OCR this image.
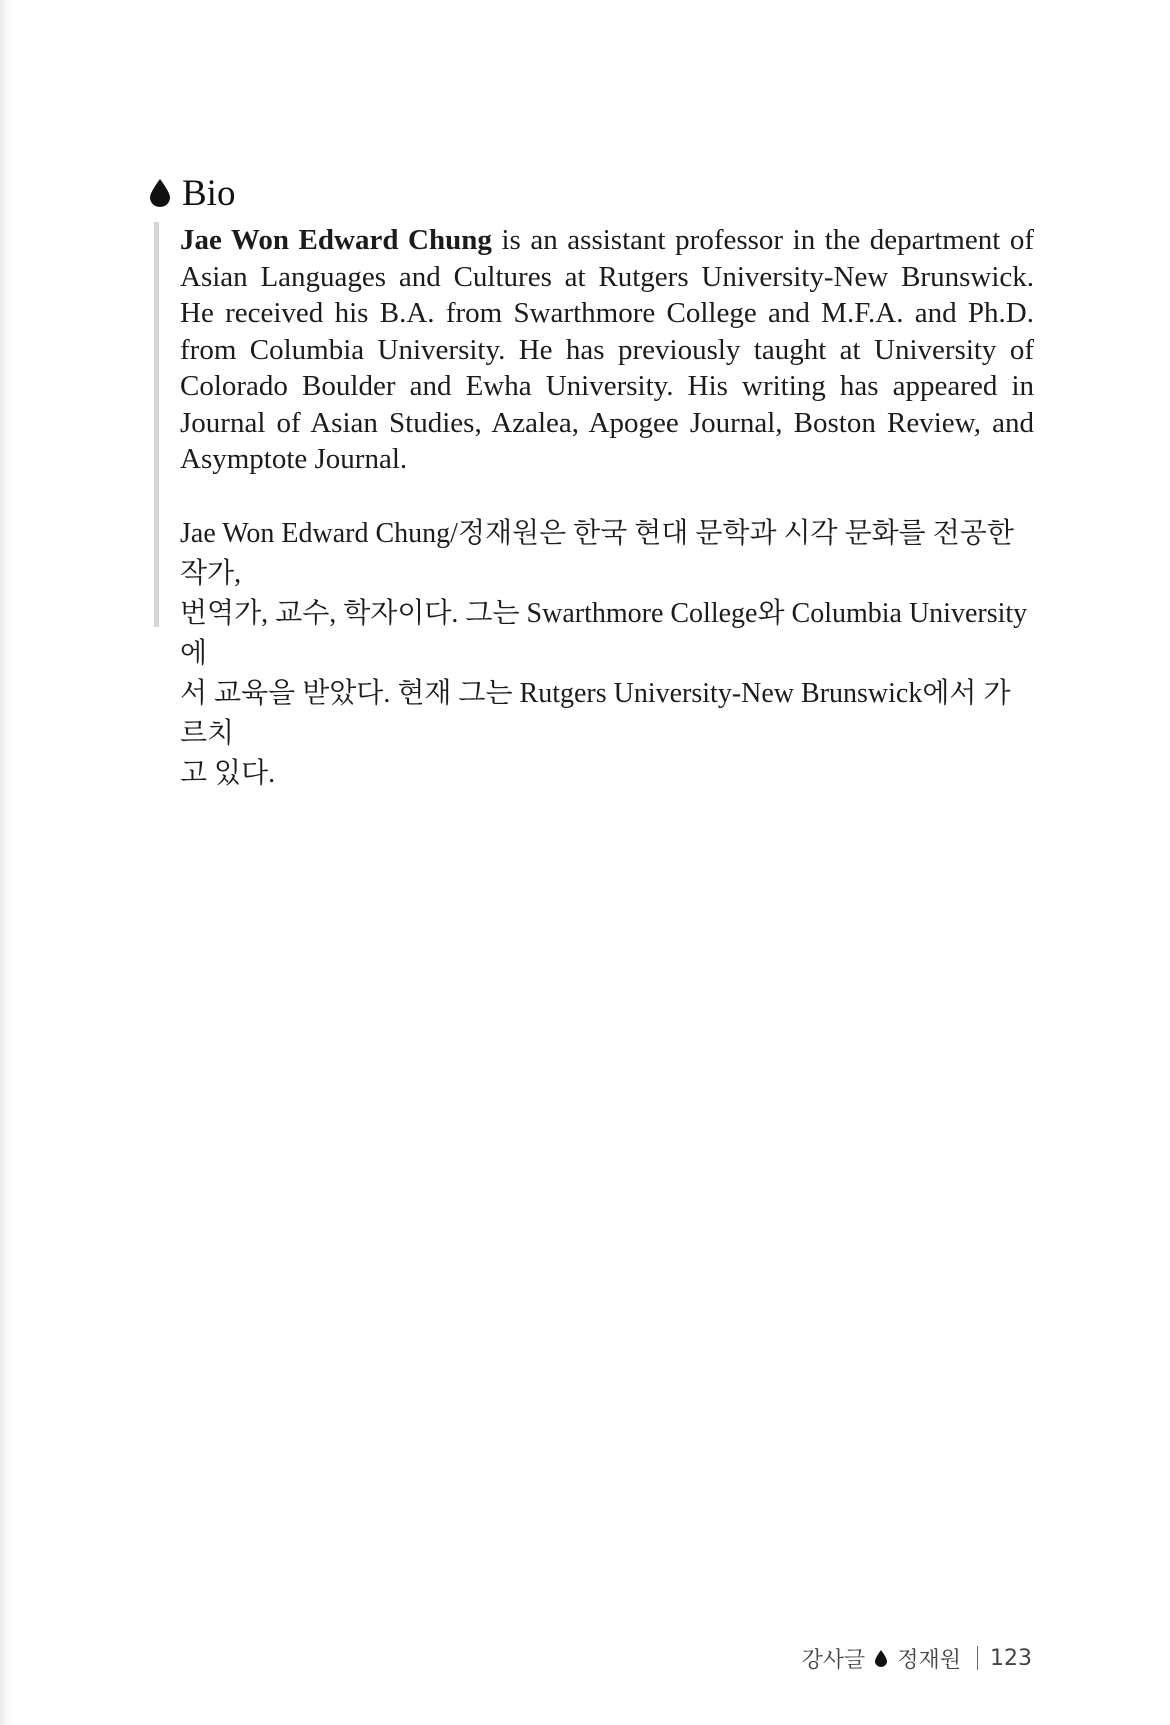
Bio

Jae Won Edward Chung is an assistant professor in the department of Asian Languages and Cultures at Rutgers University-New Brunswick. He received his B.A. from Swarthmore College and M.F.A. and Ph.D. from Columbia University. He has previously taught at University of Colorado Boulder and Ewha University. His writing has appeared in Journal of Asian Studies, Azalea, Apogee Journal, Boston Review, and Asymptote Journal.

Jae Won Edward Chung/정재원은 한국 현대 문학과 시각 문화를 전공한 작가,
번역가, 교수, 학자이다. 그는 Swarthmore College와 Columbia University에
서 교육을 받았다. 현재 그는 Rutgers University-New Brunswick에서 가르치
고 있다.

강사글 정재원 123
